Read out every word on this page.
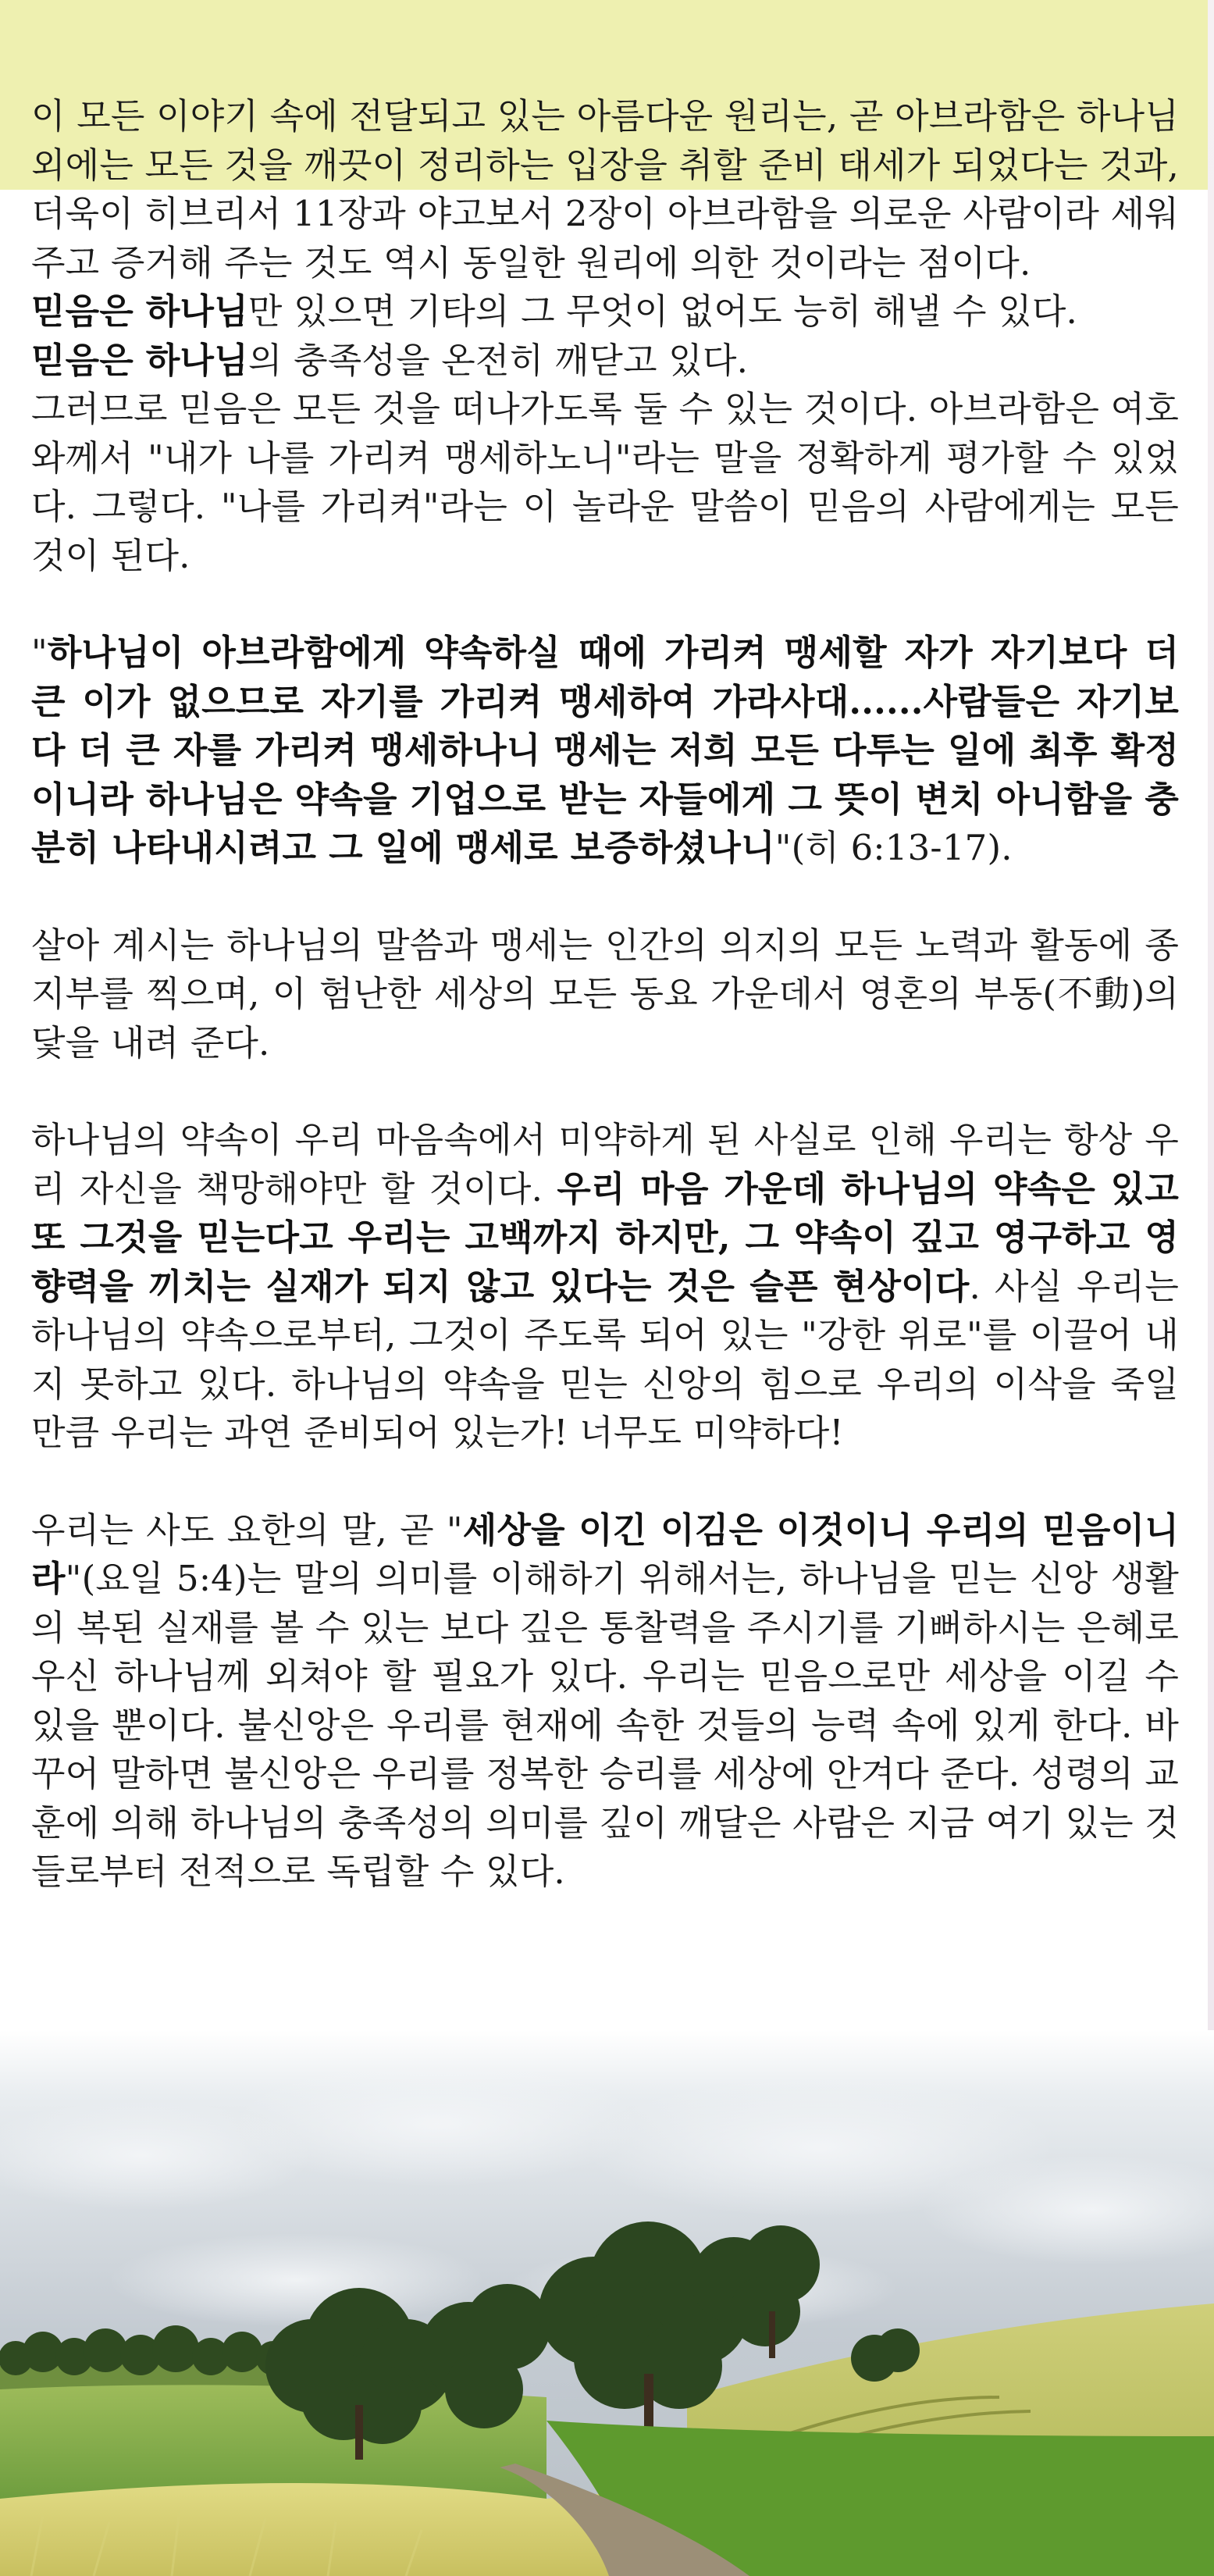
이 모든 이야기 속에 전달되고 있는 아름다운 원리는, 곧 아브라함은 하나님 외에는 모든 것을 깨끗이 정리하는 입장을 취할 준비 태세가 되었다는 것과, 더욱이 히브리서 11장과 야고보서 2장이 아브라함을 의로운 사람이라 세워주고 증거해 주는 것도 역시 동일한 원리에 의한 것이라는 점이다.

믿음은 하나님만 있으면 기타의 그 무엇이 없어도 능히 해낼 수 있다.

믿음은 하나님의 충족성을 온전히 깨닫고 있다.

그러므로 믿음은 모든 것을 떠나가도록 둘 수 있는 것이다. 아브라함은 여호와께서 "내가 나를 가리켜 맹세하노니"라는 말을 정확하게 평가할 수 있었다. 그렇다. "나를 가리켜"라는 이 놀라운 말씀이 믿음의 사람에게는 모든 것이 된다.

"하나님이 아브라함에게 약속하실 때에 가리켜 맹세할 자가 자기보다 더 큰 이가 없으므로 자기를 가리켜 맹세하여 가라사대......사람들은 자기보다 더 큰 자를 가리켜 맹세하나니 맹세는 저희 모든 다투는 일에 최후 확정이니라 하나님은 약속을 기업으로 받는 자들에게 그 뜻이 변치 아니함을 충분히 나타내시려고 그 일에 맹세로 보증하셨나니"(히 6:13-17).

살아 계시는 하나님의 말씀과 맹세는 인간의 의지의 모든 노력과 활동에 종지부를 찍으며, 이 험난한 세상의 모든 동요 가운데서 영혼의 부동(不動)의 닻을 내려 준다.

하나님의 약속이 우리 마음속에서 미약하게 된 사실로 인해 우리는 항상 우리 자신을 책망해야만 할 것이다. 우리 마음 가운데 하나님의 약속은 있고 또 그것을 믿는다고 우리는 고백까지 하지만, 그 약속이 깊고 영구하고 영향력을 끼치는 실재가 되지 않고 있다는 것은 슬픈 현상이다. 사실 우리는 하나님의 약속으로부터, 그것이 주도록 되어 있는 "강한 위로"를 이끌어 내지 못하고 있다. 하나님의 약속을 믿는 신앙의 힘으로 우리의 이삭을 죽일 만큼 우리는 과연 준비되어 있는가! 너무도 미약하다!

우리는 사도 요한의 말, 곧 "세상을 이긴 이김은 이것이니 우리의 믿음이니라"(요일 5:4)는 말의 의미를 이해하기 위해서는, 하나님을 믿는 신앙 생활의 복된 실재를 볼 수 있는 보다 깊은 통찰력을 주시기를 기뻐하시는 은혜로우신 하나님께 외쳐야 할 필요가 있다. 우리는 믿음으로만 세상을 이길 수 있을 뿐이다. 불신앙은 우리를 현재에 속한 것들의 능력 속에 있게 한다. 바꾸어 말하면 불신앙은 우리를 정복한 승리를 세상에 안겨다 준다. 성령의 교훈에 의해 하나님의 충족성의 의미를 깊이 깨달은 사람은 지금 여기 있는 것들로부터 전적으로 독립할 수 있다.
